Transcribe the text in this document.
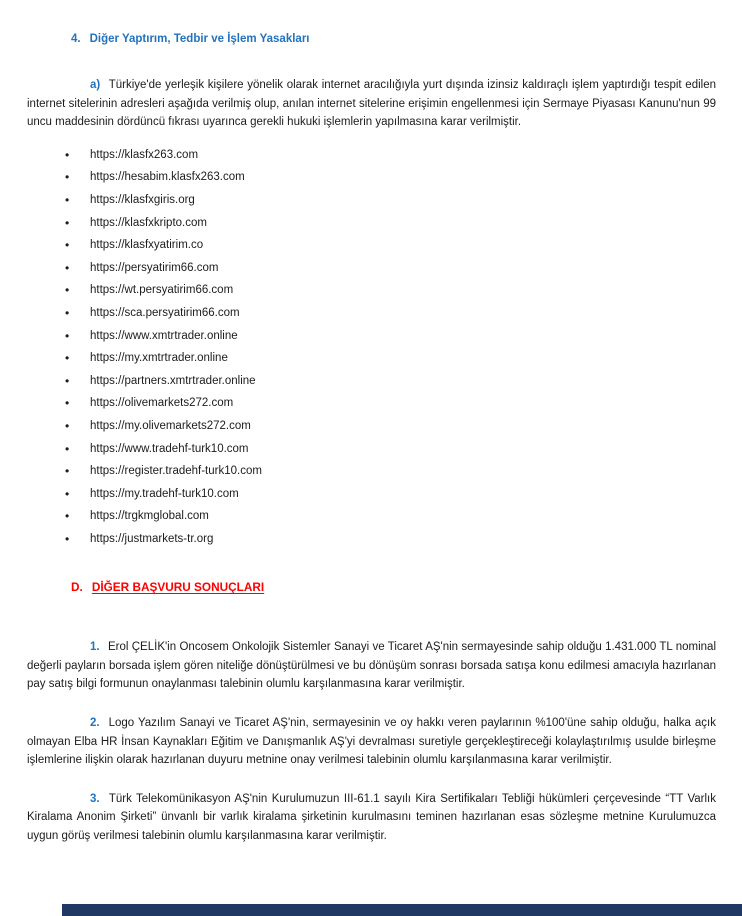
4. Diğer Yaptırım, Tedbir ve İşlem Yasakları

a) Türkiye'de yerleşik kişilere yönelik olarak internet aracılığıyla yurt dışında izinsiz kaldıraçlı işlem yaptırdığı tespit edilen internet sitelerinin adresleri aşağıda verilmiş olup, anılan internet sitelerine erişimin engellenmesi için Sermaye Piyasası Kanunu'nun 99 uncu maddesinin dördüncü fıkrası uyarınca gerekli hukuki işlemlerin yapılmasına karar verilmiştir.

•	https://klasfx263.com
•	https://hesabim.klasfx263.com
•	https://klasfxgiris.org
•	https://klasfxkripto.com
•	https://klasfxyatirim.co
•	https://persyatirim66.com
•	https://wt.persyatirim66.com
•	https://sca.persyatirim66.com
•	https://www.xmtrtrader.online
•	https://my.xmtrtrader.online
•	https://partners.xmtrtrader.online
•	https://olivemarkets272.com
•	https://my.olivemarkets272.com
•	https://www.tradehf-turk10.com
•	https://register.tradehf-turk10.com
•	https://my.tradehf-turk10.com
•	https://trgkmglobal.com
•	https://justmarkets-tr.org
D. DİĞER BAŞVURU SONUÇLARI

1. Erol ÇELİK'in Oncosem Onkolojik Sistemler Sanayi ve Ticaret AŞ'nin sermayesinde sahip olduğu 1.431.000 TL nominal değerli payların borsada işlem gören niteliğe dönüştürülmesi ve bu dönüşüm sonrası borsada satışa konu edilmesi amacıyla hazırlanan pay satış bilgi formunun onaylanması talebinin olumlu karşılanmasına karar verilmiştir.

2. Logo Yazılım Sanayi ve Ticaret AŞ'nin, sermayesinin ve oy hakkı veren paylarının %100'üne sahip olduğu, halka açık olmayan Elba HR İnsan Kaynakları Eğitim ve Danışmanlık AŞ'yi devralması suretiyle gerçekleştireceği kolaylaştırılmış usulde birleşme işlemlerine ilişkin olarak hazırlanan duyuru metnine onay verilmesi talebinin olumlu karşılanmasına karar verilmiştir.

3. Türk Telekomünikasyon AŞ'nin Kurulumuzun III-61.1 sayılı Kira Sertifikaları Tebliği hükümleri çerçevesinde “TT Varlık Kiralama Anonim Şirketi” ünvanlı bir varlık kiralama şirketinin kurulmasını teminen hazırlanan esas sözleşme metnine Kurulumuzca uygun görüş verilmesi talebinin olumlu karşılanmasına karar verilmiştir.
